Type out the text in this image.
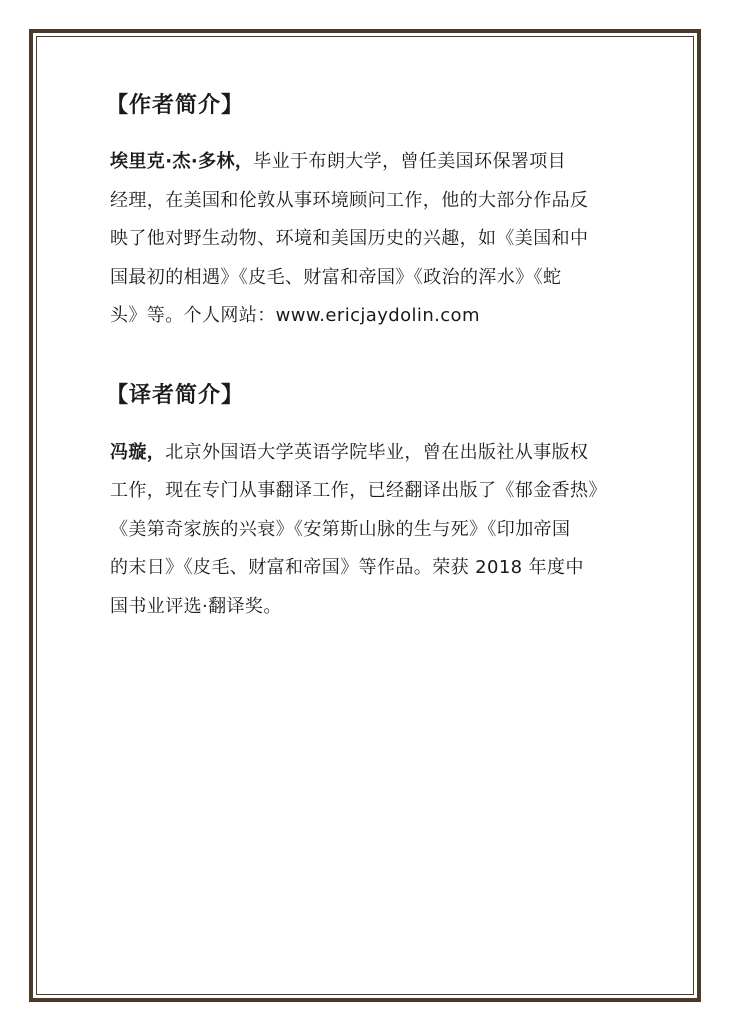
【作者简介】

埃里克·杰·多林，毕业于布朗大学，曾任美国环保署项目
经理，在美国和伦敦从事环境顾问工作，他的大部分作品反
映了他对野生动物、环境和美国历史的兴趣，如《美国和中
国最初的相遇》《皮毛、财富和帝国》《政治的浑水》《蛇
头》等。个人网站：www.ericjaydolin.com

【译者简介】

冯璇，北京外国语大学英语学院毕业，曾在出版社从事版权
工作，现在专门从事翻译工作，已经翻译出版了《郁金香热》
《美第奇家族的兴衰》《安第斯山脉的生与死》《印加帝国
的末日》《皮毛、财富和帝国》等作品。荣获 2018 年度中
国书业评选·翻译奖。
